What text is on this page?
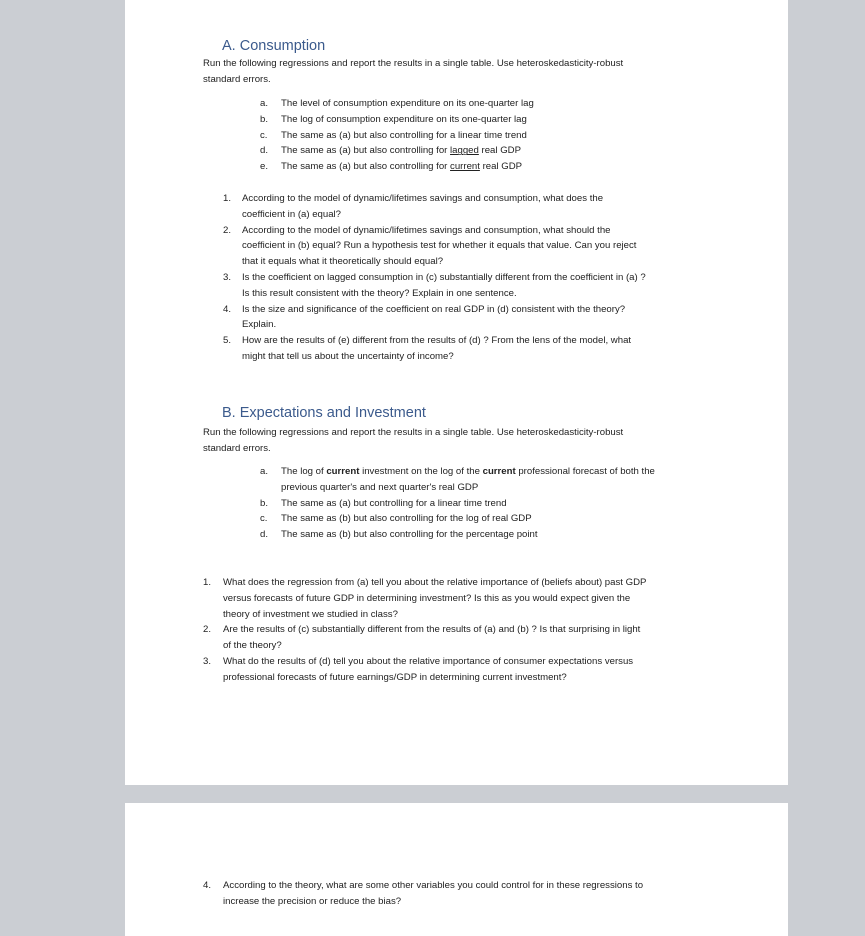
A. Consumption
Run the following regressions and report the results in a single table. Use heteroskedasticity-robust
standard errors.
a. The level of consumption expenditure on its one-quarter lag
b. The log of consumption expenditure on its one-quarter lag
c. The same as (a) but also controlling for a linear time trend
d. The same as (a) but also controlling for lagged real GDP
e. The same as (a) but also controlling for current real GDP
1. According to the model of dynamic/lifetimes savings and consumption, what does the
coefficient in (a) equal?
2. According to the model of dynamic/lifetimes savings and consumption, what should the
coefficient in (b) equal? Run a hypothesis test for whether it equals that value. Can you reject
that it equals what it theoretically should equal?
3. Is the coefficient on lagged consumption in (c) substantially different from the coefficient in (a) ?
Is this result consistent with the theory? Explain in one sentence.
4. Is the size and significance of the coefficient on real GDP in (d) consistent with the theory?
Explain.
5. How are the results of (e) different from the results of (d) ? From the lens of the model, what
might that tell us about the uncertainty of income?
B. Expectations and Investment
Run the following regressions and report the results in a single table. Use heteroskedasticity-robust
standard errors.
a. The log of current investment on the log of the current professional forecast of both the
previous quarter's and next quarter's real GDP
b. The same as (a) but controlling for a linear time trend
c. The same as (b) but also controlling for the log of real GDP
d. The same as (b) but also controlling for the percentage point
1. What does the regression from (a) tell you about the relative importance of (beliefs about) past GDP
versus forecasts of future GDP in determining investment? Is this as you would expect given the
theory of investment we studied in class?
2. Are the results of (c) substantially different from the results of (a) and (b) ? Is that surprising in light
of the theory?
3. What do the results of (d) tell you about the relative importance of consumer expectations versus
professional forecasts of future earnings/GDP in determining current investment?
4. According to the theory, what are some other variables you could control for in these regressions to
increase the precision or reduce the bias?
